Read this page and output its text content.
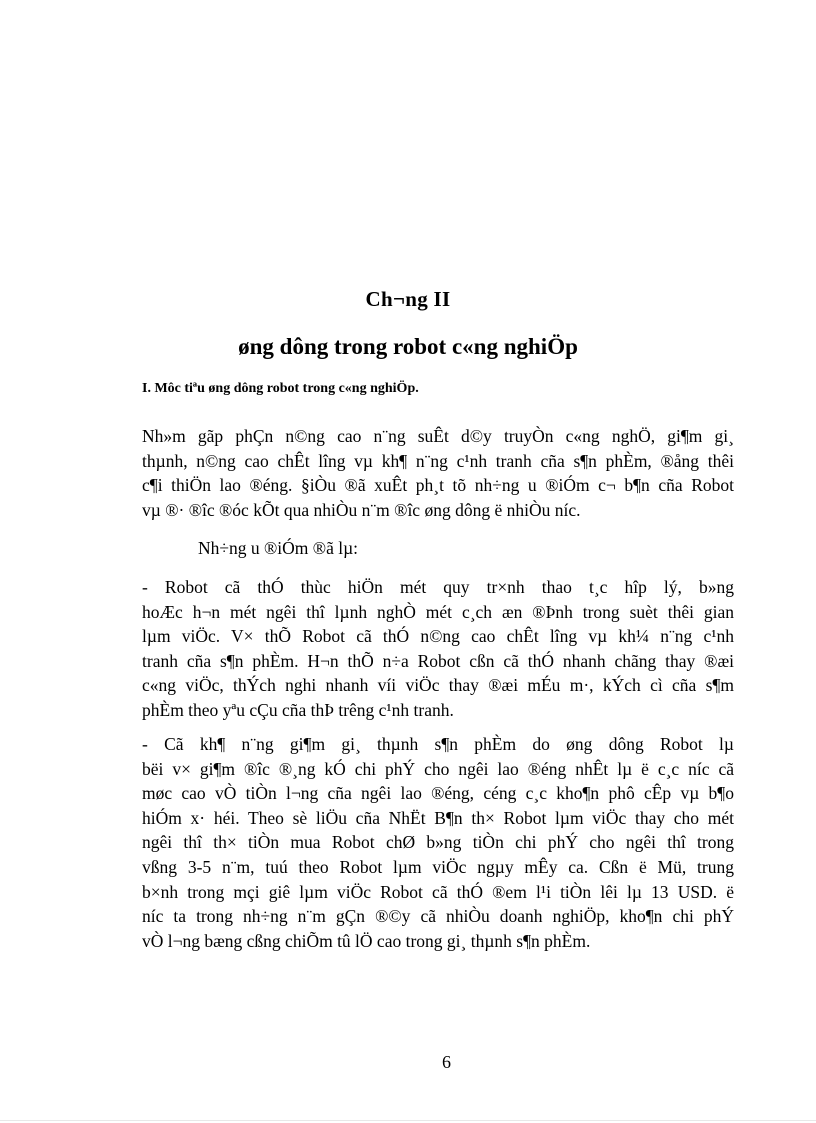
Ch¬ng II
øng dông trong robot c«ng nghiÖp
I. Môc tiªu øng dông robot trong c«ng nghiÖp.
Nh»m gãp phÇn n©ng cao n¨ng suÊt d©y truyÒn c«ng nghÖ, gi¶m gi¸
thµnh, n©ng cao chÊt lîng vµ kh¶ n¨ng c¹nh tranh cña s¶n phÈm, ®ång thêi
c¶i thiÖn lao ®éng. §iÒu ®ã xuÊt ph¸t tõ nh÷ng u ®iÓm c¬ b¶n cña Robot
vµ ®· ®îc ®óc kÕt qua nhiÒu n¨m ®îc øng dông ë nhiÒu níc.
Nh÷ng u ®iÓm ®ã lµ:
- Robot cã thÓ thùc hiÖn mét quy tr×nh thao t¸c hîp lý, b»ng
hoÆc h¬n mét ngêi thî lµnh nghÒ mét c¸ch æn ®Þnh trong suèt thêi gian
lµm viÖc. V× thÕ Robot cã thÓ n©ng cao chÊt lîng vµ kh¼ n¨ng c¹nh
tranh cña s¶n phÈm. H¬n thÕ n÷a Robot cßn cã thÓ nhanh chãng thay ®æi
c«ng viÖc, thÝch nghi nhanh víi viÖc thay ®æi mÉu m·, kÝch cì cña s¶m
phÈm theo yªu cÇu cña thÞ trêng c¹nh tranh.
- Cã kh¶ n¨ng gi¶m gi¸ thµnh s¶n phÈm do øng dông Robot lµ
bëi v× gi¶m ®îc ®¸ng kÓ chi phÝ cho ngêi lao ®éng nhÊt lµ ë c¸c níc cã
møc cao vÒ tiÒn l¬ng cña ngêi lao ®éng, céng c¸c kho¶n phô cÊp vµ b¶o
hiÓm x· héi. Theo sè liÖu cña NhËt B¶n th× Robot lµm viÖc thay cho mét
ngêi thî th× tiÒn mua Robot chØ b»ng tiÒn chi phÝ cho ngêi thî trong
vßng 3-5 n¨m, tuú theo Robot lµm viÖc ngµy mÊy ca. Cßn ë Mü, trung
b×nh trong mçi giê lµm viÖc Robot cã thÓ ®em l¹i tiÒn lêi lµ 13 USD. ë
níc ta trong nh÷ng n¨m gÇn ®©y cã nhiÒu doanh nghiÖp, kho¶n chi phÝ
vÒ l¬ng bæng cßng chiÕm tû lÖ cao trong gi¸ thµnh s¶n phÈm.
6
